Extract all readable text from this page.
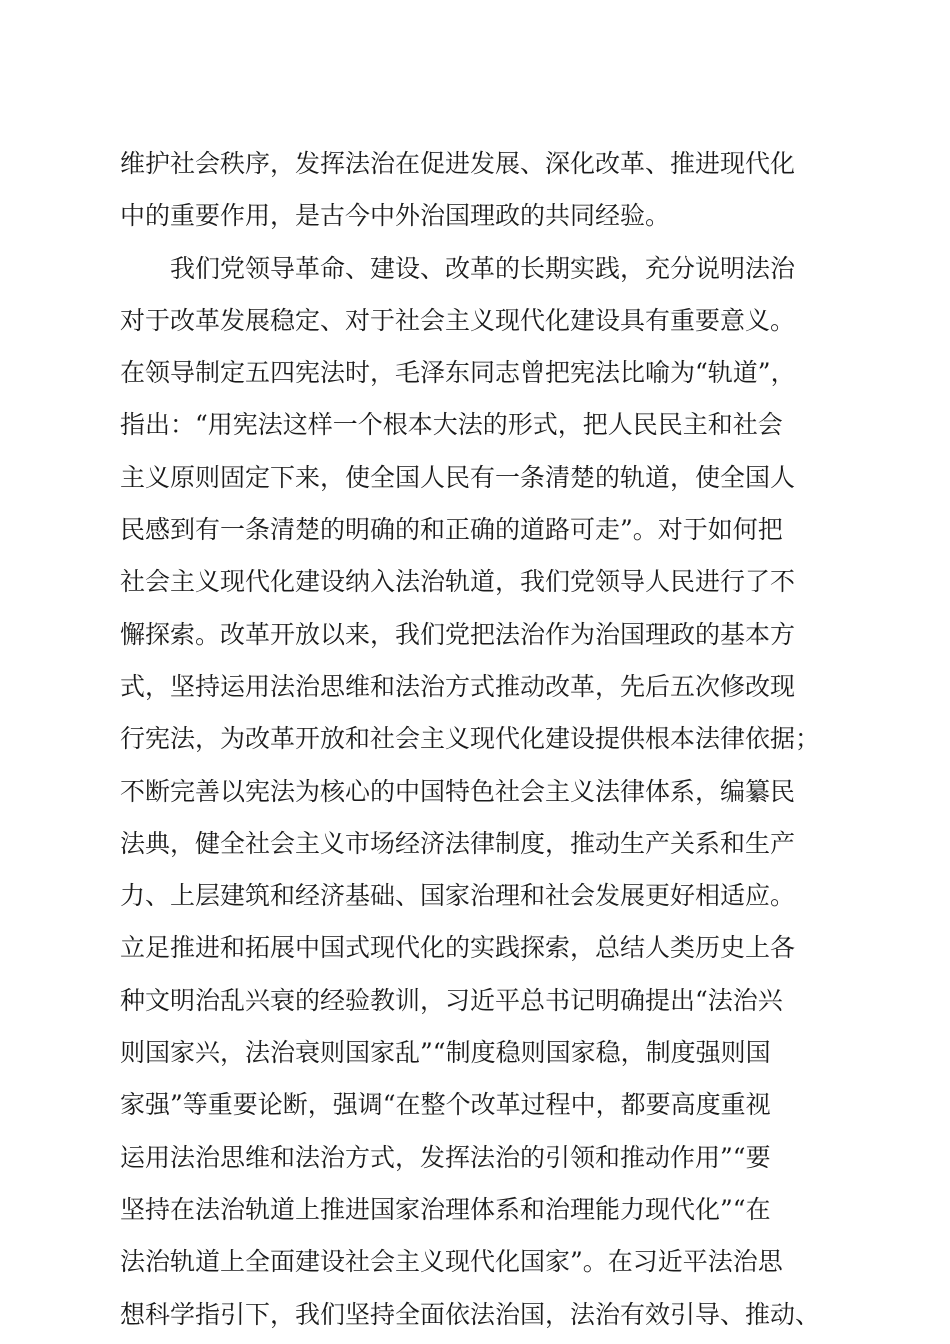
维护社会秩序，发挥法治在促进发展、深化改革、推进现代化
中的重要作用，是古今中外治国理政的共同经验。
　　我们党领导革命、建设、改革的长期实践，充分说明法治
对于改革发展稳定、对于社会主义现代化建设具有重要意义。
在领导制定五四宪法时，毛泽东同志曾把宪法比喻为“轨道”，
指出：“用宪法这样一个根本大法的形式，把人民民主和社会
主义原则固定下来，使全国人民有一条清楚的轨道，使全国人
民感到有一条清楚的明确的和正确的道路可走”。对于如何把
社会主义现代化建设纳入法治轨道，我们党领导人民进行了不
懈探索。改革开放以来，我们党把法治作为治国理政的基本方
式，坚持运用法治思维和法治方式推动改革，先后五次修改现
行宪法，为改革开放和社会主义现代化建设提供根本法律依据；
不断完善以宪法为核心的中国特色社会主义法律体系，编纂民
法典，健全社会主义市场经济法律制度，推动生产关系和生产
力、上层建筑和经济基础、国家治理和社会发展更好相适应。
立足推进和拓展中国式现代化的实践探索，总结人类历史上各
种文明治乱兴衰的经验教训，习近平总书记明确提出“法治兴
则国家兴，法治衰则国家乱”“制度稳则国家稳，制度强则国
家强”等重要论断，强调“在整个改革过程中，都要高度重视
运用法治思维和法治方式，发挥法治的引领和推动作用”“要
坚持在法治轨道上推进国家治理体系和治理能力现代化”“在
法治轨道上全面建设社会主义现代化国家”。在习近平法治思
想科学指引下，我们坚持全面依法治国，法治有效引导、推动、
